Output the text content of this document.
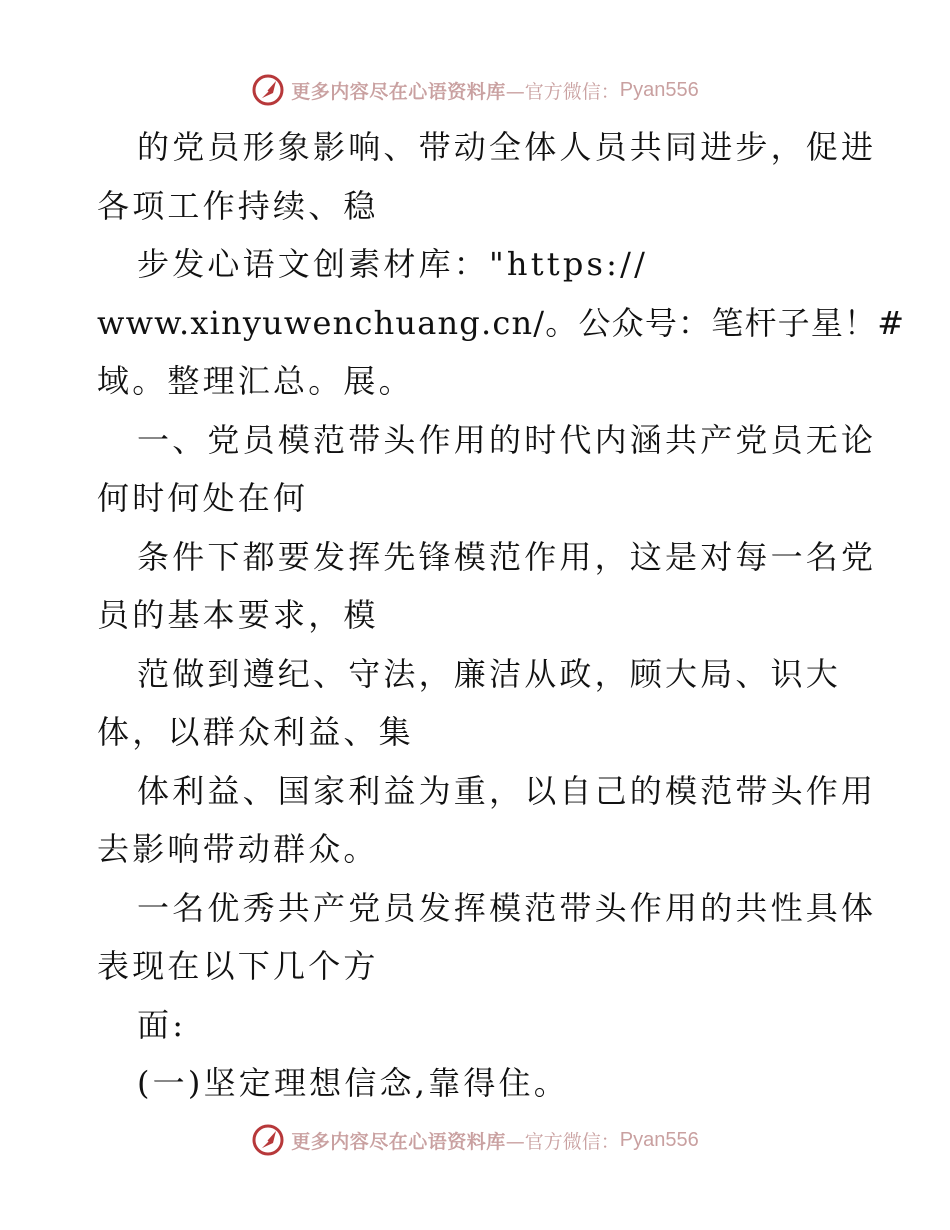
更多内容尽在心语资料库 —官方微信： Pyan556
的党员形象影响、带动全体人员共同进步，促进
各项工作持续、稳
步发心语文创素材库："https://
www.xinyuwenchuang.cn/。公众号：笔杆子星！#
域。整理汇总。展。
一、党员模范带头作用的时代内涵共产党员无论
何时何处在何
条件下都要发挥先锋模范作用，这是对每一名党
员的基本要求，模
范做到遵纪、守法，廉洁从政，顾大局、识大
体，以群众利益、集
体利益、国家利益为重，以自己的模范带头作用
去影响带动群众。
一名优秀共产党员发挥模范带头作用的共性具体
表现在以下几个方
面:
(一)坚定理想信念,靠得住。
更多内容尽在心语资料库 —官方微信： Pyan556
